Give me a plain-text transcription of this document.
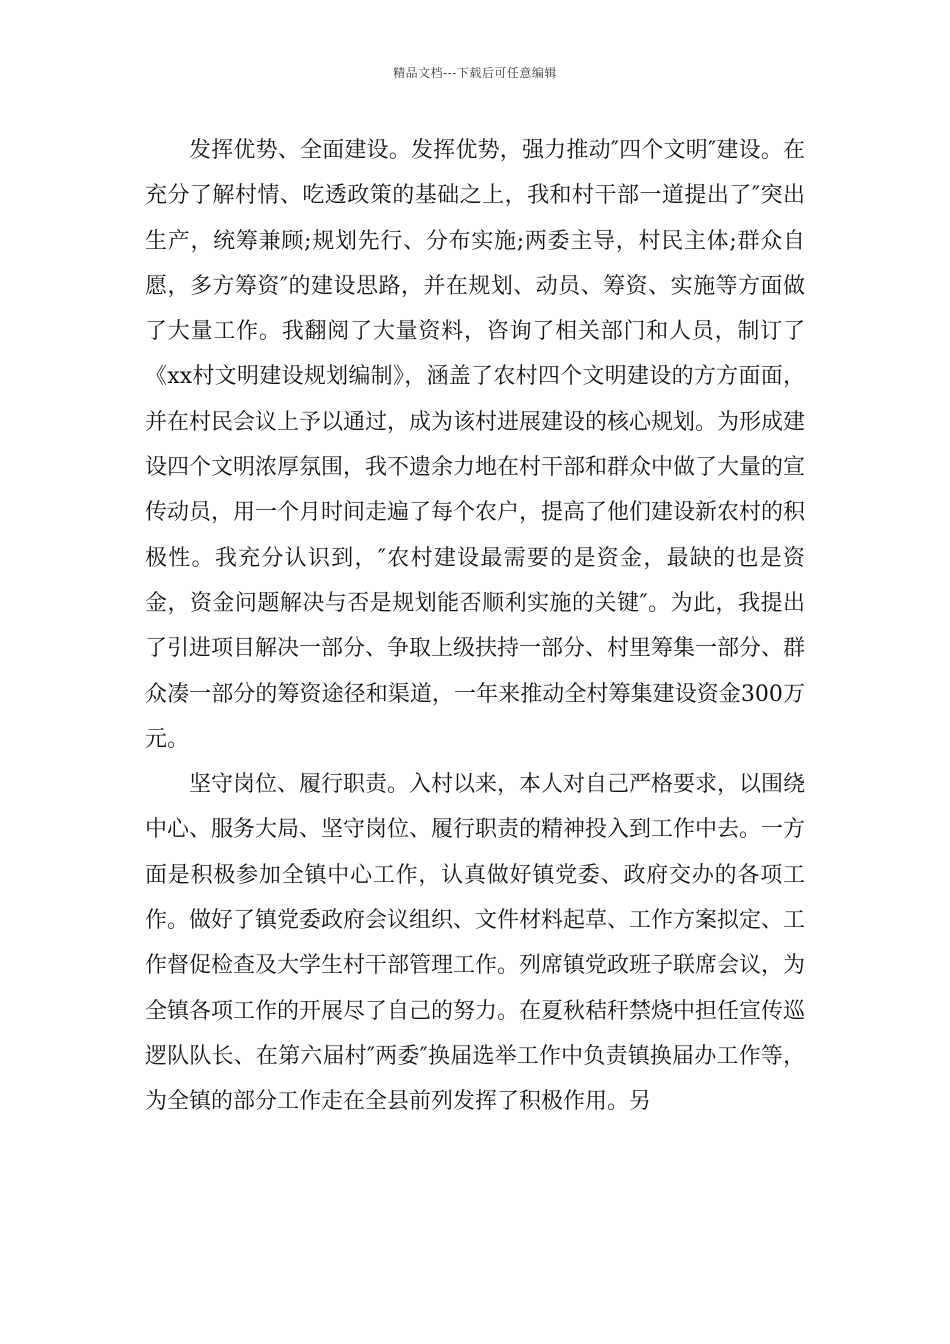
精品文档---下载后可任意编辑

发挥优势、全面建设。发挥优势，强力推动″四个文明″建设。在充分了解村情、吃透政策的基础之上，我和村干部一道提出了″突出生产，统筹兼顾;规划先行、分布实施;两委主导，村民主体;群众自愿，多方筹资″的建设思路，并在规划、动员、筹资、实施等方面做了大量工作。我翻阅了大量资料，咨询了相关部门和人员，制订了《xx村文明建设规划编制》，涵盖了农村四个文明建设的方方面面，并在村民会议上予以通过，成为该村进展建设的核心规划。为形成建设四个文明浓厚氛围，我不遗余力地在村干部和群众中做了大量的宣传动员，用一个月时间走遍了每个农户，提高了他们建设新农村的积极性。我充分认识到，″农村建设最需要的是资金，最缺的也是资金，资金问题解决与否是规划能否顺利实施的关键″。为此，我提出了引进项目解决一部分、争取上级扶持一部分、村里筹集一部分、群众凑一部分的筹资途径和渠道，一年来推动全村筹集建设资金300万元。

坚守岗位、履行职责。入村以来，本人对自己严格要求，以围绕中心、服务大局、坚守岗位、履行职责的精神投入到工作中去。一方面是积极参加全镇中心工作，认真做好镇党委、政府交办的各项工作。做好了镇党委政府会议组织、文件材料起草、工作方案拟定、工作督促检查及大学生村干部管理工作。列席镇党政班子联席会议，为全镇各项工作的开展尽了自己的努力。在夏秋秸秆禁烧中担任宣传巡逻队队长、在第六届村″两委″换届选举工作中负责镇换届办工作等，为全镇的部分工作走在全县前列发挥了积极作用。另
